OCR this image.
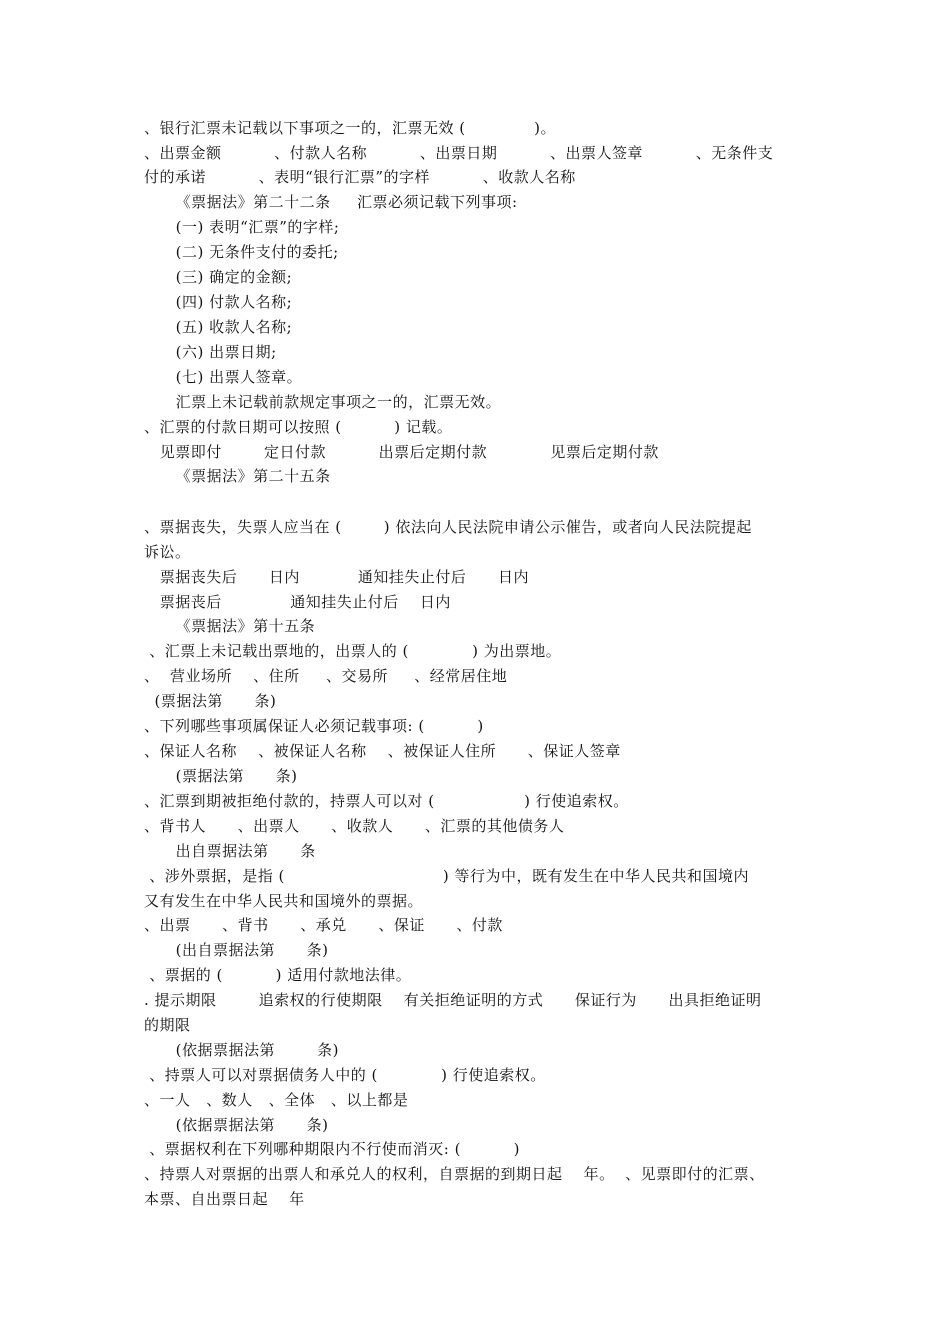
、银行汇票未记载以下事项之一的，汇票无效 (             )。
、出票金额          、付款人名称          、出票日期          、出票人签章          、无条件支
付的承诺          、表明“银行汇票”的字样          、收款人名称
《票据法》第二十二条     汇票必须记载下列事项:
(一) 表明“汇票”的字样;
(二) 无条件支付的委托;
(三) 确定的金额;
(四) 付款人名称;
(五) 收款人名称;
(六) 出票日期;
(七) 出票人签章。
汇票上未记载前款规定事项之一的，汇票无效。
、汇票的付款日期可以按照 (          ) 记载。
见票即付        定日付款          出票后定期付款            见票后定期付款
《票据法》第二十五条
、票据丧失，失票人应当在 (        ) 依法向人民法院申请公示催告，或者向人民法院提起
诉讼。
票据丧失后      日内           通知挂失止付后      日内
票据丧后             通知挂失止付后    日内
《票据法》第十五条
、汇票上未记载出票地的，出票人的 (            ) 为出票地。
、  营业场所    、住所     、交易所     、经常居住地
(票据法第      条)
、下列哪些事项属保证人必须记载事项: (          )
、保证人名称    、被保证人名称    、被保证人住所      、保证人签章
(票据法第      条)
、汇票到期被拒绝付款的，持票人可以对 (                 ) 行使追索权。
、背书人      、出票人      、收款人      、汇票的其他债务人
出自票据法第      条
、涉外票据，是指 (                              ) 等行为中，既有发生在中华人民共和国境内
又有发生在中华人民共和国境外的票据。
、出票      、背书      、承兑      、保证      、付款
(出自票据法第      条)
、票据的 (          ) 适用付款地法律。
. 提示期限        追索权的行使期限    有关拒绝证明的方式      保证行为      出具拒绝证明
的期限
(依据票据法第        条)
、持票人可以对票据债务人中的 (            ) 行使追索权。
、一人   、数人   、全体   、以上都是
(依据票据法第      条)
、票据权利在下列哪种期限内不行使而消灭: (          )
、持票人对票据的出票人和承兑人的权利，自票据的到期日起    年。  、见票即付的汇票、
本票、自出票日起    年
